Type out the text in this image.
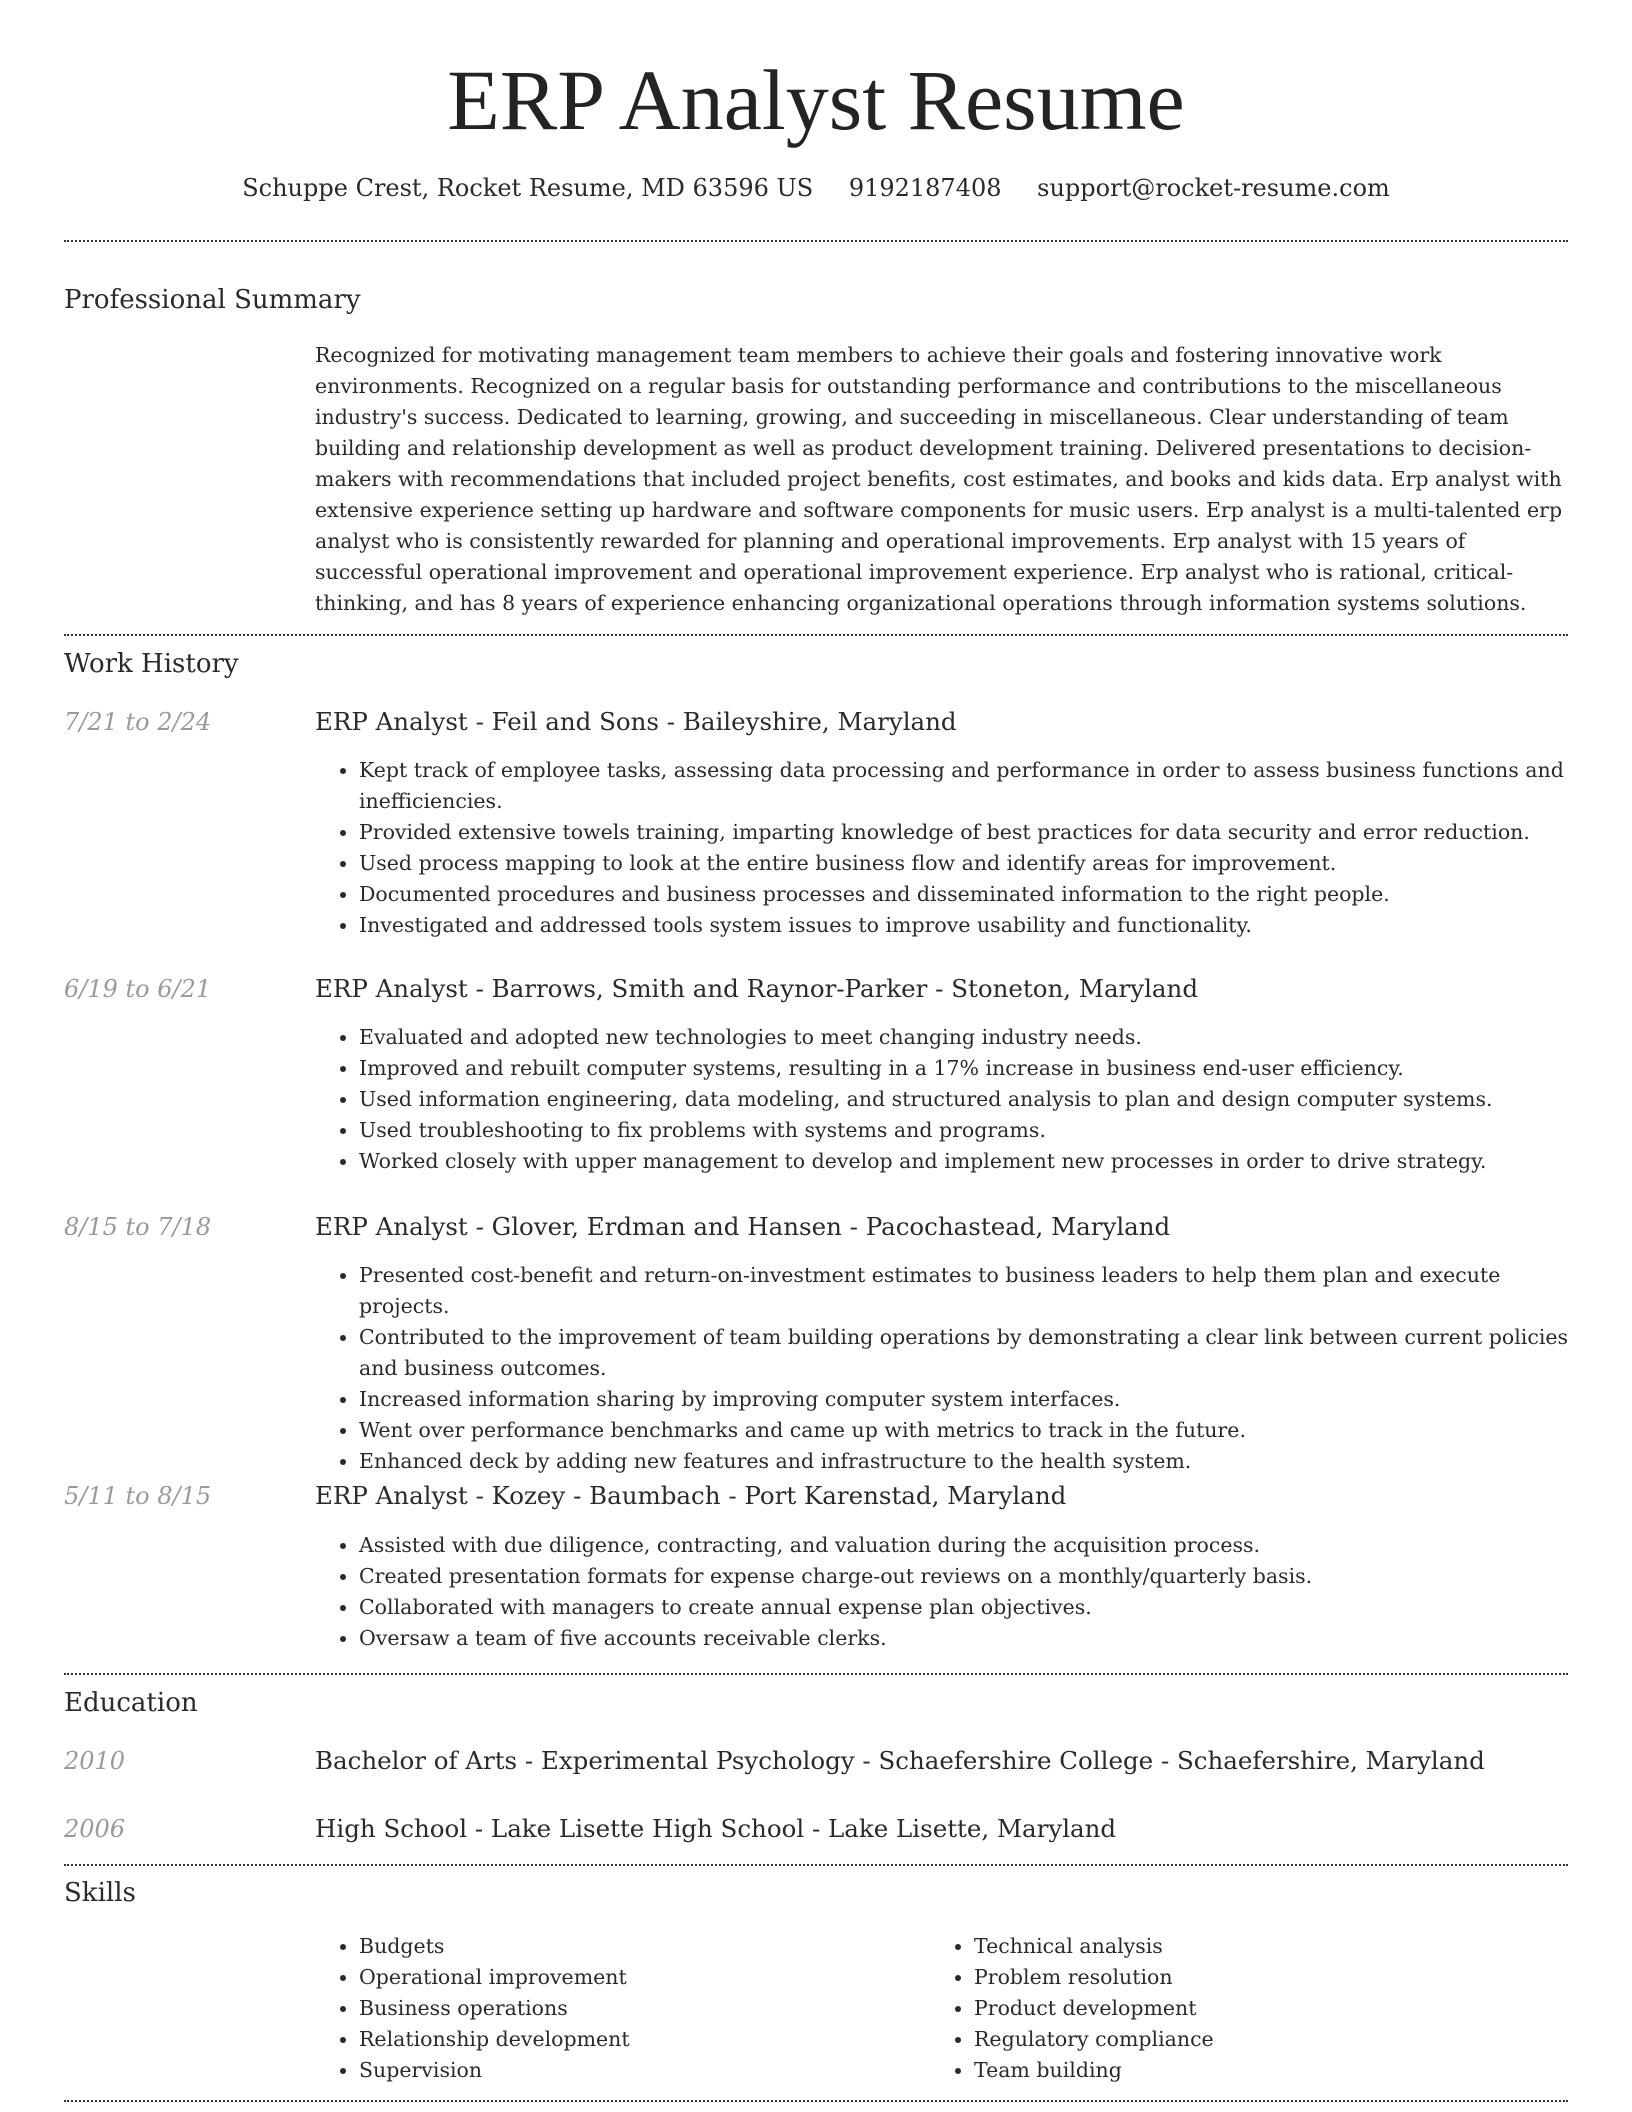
ERP Analyst Resume
Schuppe Crest, Rocket Resume, MD 63596 US 9192187408 support@rocket-resume.com
Professional Summary

Recognized for motivating management team members to achieve their goals and fostering innovative work environments. Recognized on a regular basis for outstanding performance and contributions to the miscellaneous industry's success. Dedicated to learning, growing, and succeeding in miscellaneous. Clear understanding of team building and relationship development as well as product development training. Delivered presentations to decision-makers with recommendations that included project benefits, cost estimates, and books and kids data. Erp analyst with extensive experience setting up hardware and software components for music users. Erp analyst is a multi-talented erp analyst who is consistently rewarded for planning and operational improvements. Erp analyst with 15 years of successful operational improvement and operational improvement experience. Erp analyst who is rational, critical-thinking, and has 8 years of experience enhancing organizational operations through information systems solutions.

Work History
7/21 to 2/24	ERP Analyst - Feil and Sons - Baileyshire, Maryland
• Kept track of employee tasks, assessing data processing and performance in order to assess business functions and inefficiencies.
• Provided extensive towels training, imparting knowledge of best practices for data security and error reduction.
• Used process mapping to look at the entire business flow and identify areas for improvement.
• Documented procedures and business processes and disseminated information to the right people.
• Investigated and addressed tools system issues to improve usability and functionality.
6/19 to 6/21	ERP Analyst - Barrows, Smith and Raynor-Parker - Stoneton, Maryland
• Evaluated and adopted new technologies to meet changing industry needs.
• Improved and rebuilt computer systems, resulting in a 17% increase in business end-user efficiency.
• Used information engineering, data modeling, and structured analysis to plan and design computer systems.
• Used troubleshooting to fix problems with systems and programs.
• Worked closely with upper management to develop and implement new processes in order to drive strategy.
8/15 to 7/18	ERP Analyst - Glover, Erdman and Hansen - Pacochastead, Maryland
• Presented cost-benefit and return-on-investment estimates to business leaders to help them plan and execute projects.
• Contributed to the improvement of team building operations by demonstrating a clear link between current policies and business outcomes.
• Increased information sharing by improving computer system interfaces.
• Went over performance benchmarks and came up with metrics to track in the future.
• Enhanced deck by adding new features and infrastructure to the health system.
5/11 to 8/15	ERP Analyst - Kozey - Baumbach - Port Karenstad, Maryland
• Assisted with due diligence, contracting, and valuation during the acquisition process.
• Created presentation formats for expense charge-out reviews on a monthly/quarterly basis.
• Collaborated with managers to create annual expense plan objectives.
• Oversaw a team of five accounts receivable clerks.
Education
2010	Bachelor of Arts - Experimental Psychology - Schaefershire College - Schaefershire, Maryland
2006	High School - Lake Lisette High School - Lake Lisette, Maryland
Skills
• Budgets
• Operational improvement
• Business operations
• Relationship development
• Supervision
• Technical analysis
• Problem resolution
• Product development
• Regulatory compliance
• Team building
